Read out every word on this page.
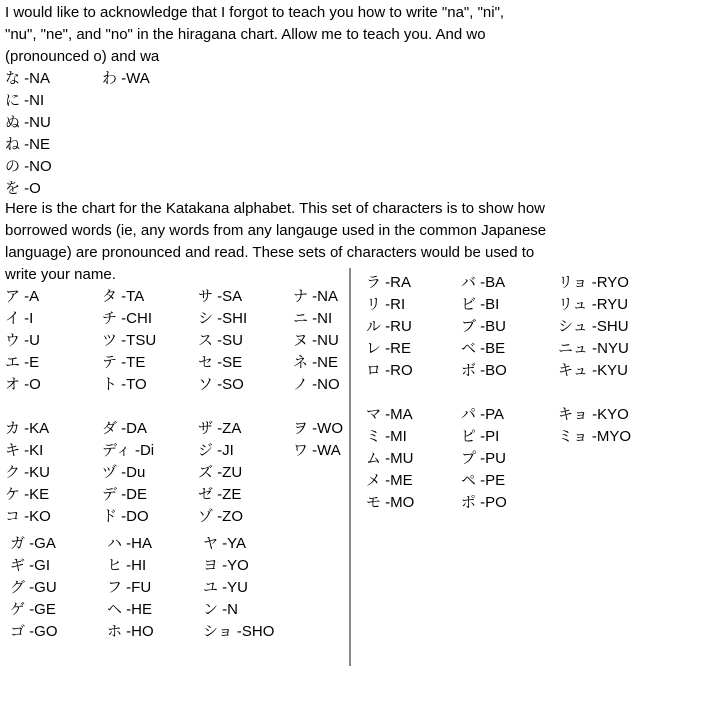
I would like to acknowledge that I forgot to teach you how to write "na", "ni",
"nu", "ne", and "no" in the hiragana chart. Allow me to teach you. And wo
(pronounced o) and wa
な -NA
に -NI
ぬ -NU
ね -NE
の -NO
を -O
わ -WA
Here is the chart for the Katakana alphabet. This set of characters is to show how
borrowed words (ie, any words from any langauge used in the common Japanese
language) are pronounced and read. These sets of characters would be used to
write your name.
ア -A
イ -I
ウ -U
エ -E
オ -O
タ -TA
チ -CHI
ツ -TSU
テ -TE
ト -TO
サ -SA
シ -SHI
ス -SU
セ -SE
ソ -SO
ナ -NA
ニ -NI
ヌ -NU
ネ -NE
ノ -NO
カ -KA
キ -KI
ク -KU
ケ -KE
コ -KO
ダ -DA
ディ -Di
ヅ -Du
デ -DE
ド -DO
ザ -ZA
ジ -JI
ズ -ZU
ゼ -ZE
ゾ -ZO
ヲ -WO
ワ -WA
ガ -GA
ギ -GI
グ -GU
ゲ -GE
ゴ -GO
ハ -HA
ヒ -HI
フ -FU
ヘ -HE
ホ -HO
ヤ -YA
ヨ -YO
ユ -YU
ン -N
ショ -SHO
ラ -RA
リ -RI
ル -RU
レ -RE
ロ -RO
バ -BA
ビ -BI
ブ -BU
ベ -BE
ボ -BO
リョ -RYO
リュ -RYU
シュ -SHU
ニュ -NYU
キュ -KYU
マ -MA
ミ -MI
ム -MU
メ -ME
モ -MO
パ -PA
ピ -PI
プ -PU
ペ -PE
ポ -PO
キョ -KYO
ミョ -MYO
